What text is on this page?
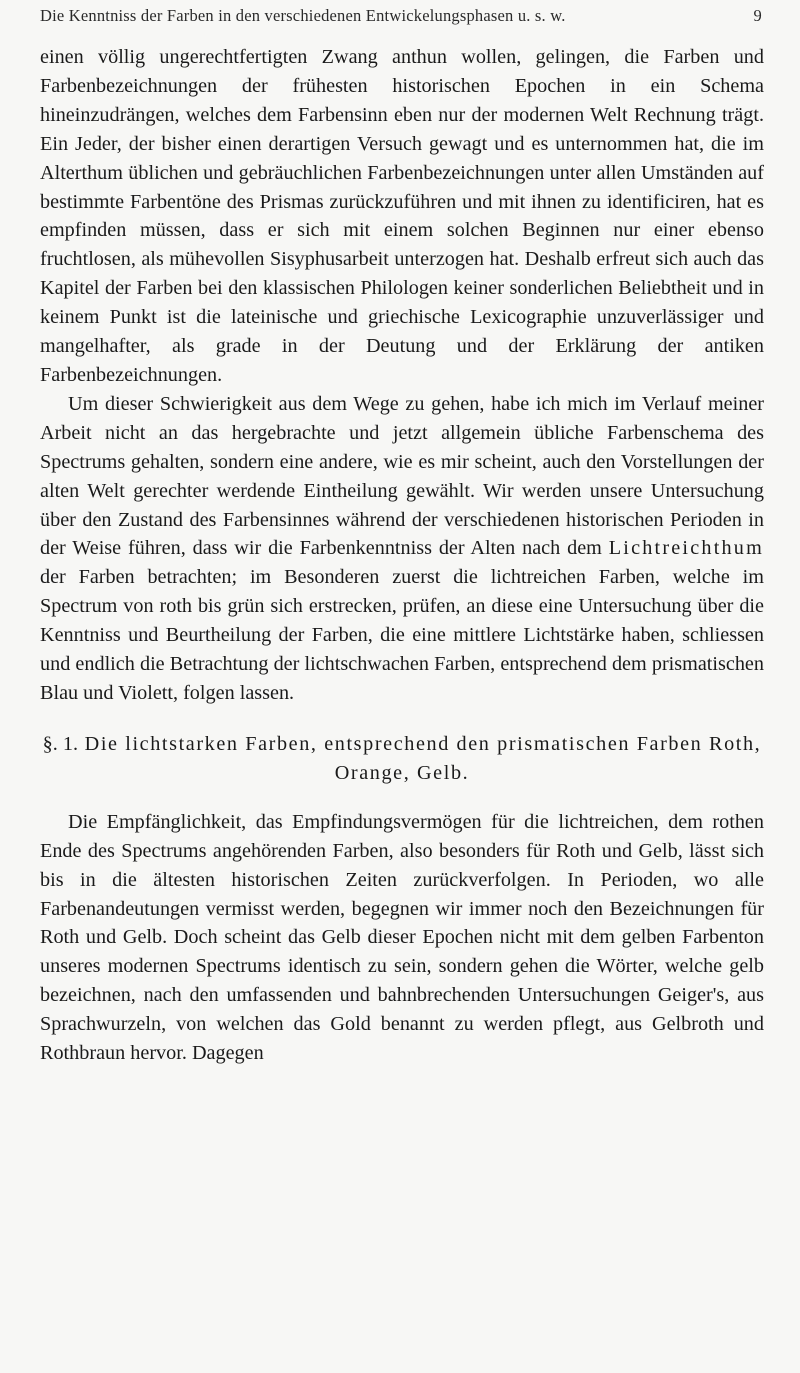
Die Kenntniss der Farben in den verschiedenen Entwickelungsphasen u. s. w.	9

einen völlig ungerechtfertigten Zwang anthun wollen, gelingen, die Farben und Farbenbezeichnungen der frühesten historischen Epochen in ein Schema hineinzudrängen, welches dem Farbensinn eben nur der modernen Welt Rechnung trägt. Ein Jeder, der bisher einen derartigen Versuch gewagt und es unternommen hat, die im Alterthum üblichen und gebräuchlichen Farbenbezeichnungen unter allen Umständen auf bestimmte Farbentöne des Prismas zurückzuführen und mit ihnen zu identificiren, hat es empfinden müssen, dass er sich mit einem solchen Beginnen nur einer ebenso fruchtlosen, als mühevollen Sisyphusarbeit unterzogen hat. Deshalb erfreut sich auch das Kapitel der Farben bei den klassischen Philologen keiner sonderlichen Beliebtheit und in keinem Punkt ist die lateinische und griechische Lexicographie unzuverlässiger und mangelhafter, als grade in der Deutung und der Erklärung der antiken Farbenbezeichnungen.

Um dieser Schwierigkeit aus dem Wege zu gehen, habe ich mich im Verlauf meiner Arbeit nicht an das hergebrachte und jetzt allgemein übliche Farbenschema des Spectrums gehalten, sondern eine andere, wie es mir scheint, auch den Vorstellungen der alten Welt gerechter werdende Eintheilung gewählt. Wir werden unsere Untersuchung über den Zustand des Farbensinnes während der verschiedenen historischen Perioden in der Weise führen, dass wir die Farbenkenntniss der Alten nach dem Lichtreichthum der Farben betrachten; im Besonderen zuerst die lichtreichen Farben, welche im Spectrum von roth bis grün sich erstrecken, prüfen, an diese eine Untersuchung über die Kenntniss und Beurtheilung der Farben, die eine mittlere Lichtstärke haben, schliessen und endlich die Betrachtung der lichtschwachen Farben, entsprechend dem prismatischen Blau und Violett, folgen lassen.

§. 1. Die lichtstarken Farben, entsprechend den prismatischen Farben Roth, Orange, Gelb.

Die Empfänglichkeit, das Empfindungsvermögen für die lichtreichen, dem rothen Ende des Spectrums angehörenden Farben, also besonders für Roth und Gelb, lässt sich bis in die ältesten historischen Zeiten zurückverfolgen. In Perioden, wo alle Farbenandeutungen vermisst werden, begegnen wir immer noch den Bezeichnungen für Roth und Gelb. Doch scheint das Gelb dieser Epochen nicht mit dem gelben Farbenton unseres modernen Spectrums identisch zu sein, sondern gehen die Wörter, welche gelb bezeichnen, nach den umfassenden und bahnbrechenden Untersuchungen Geiger's, aus Sprachwurzeln, von welchen das Gold benannt zu werden pflegt, aus Gelbroth und Rothbraun hervor. Dagegen
